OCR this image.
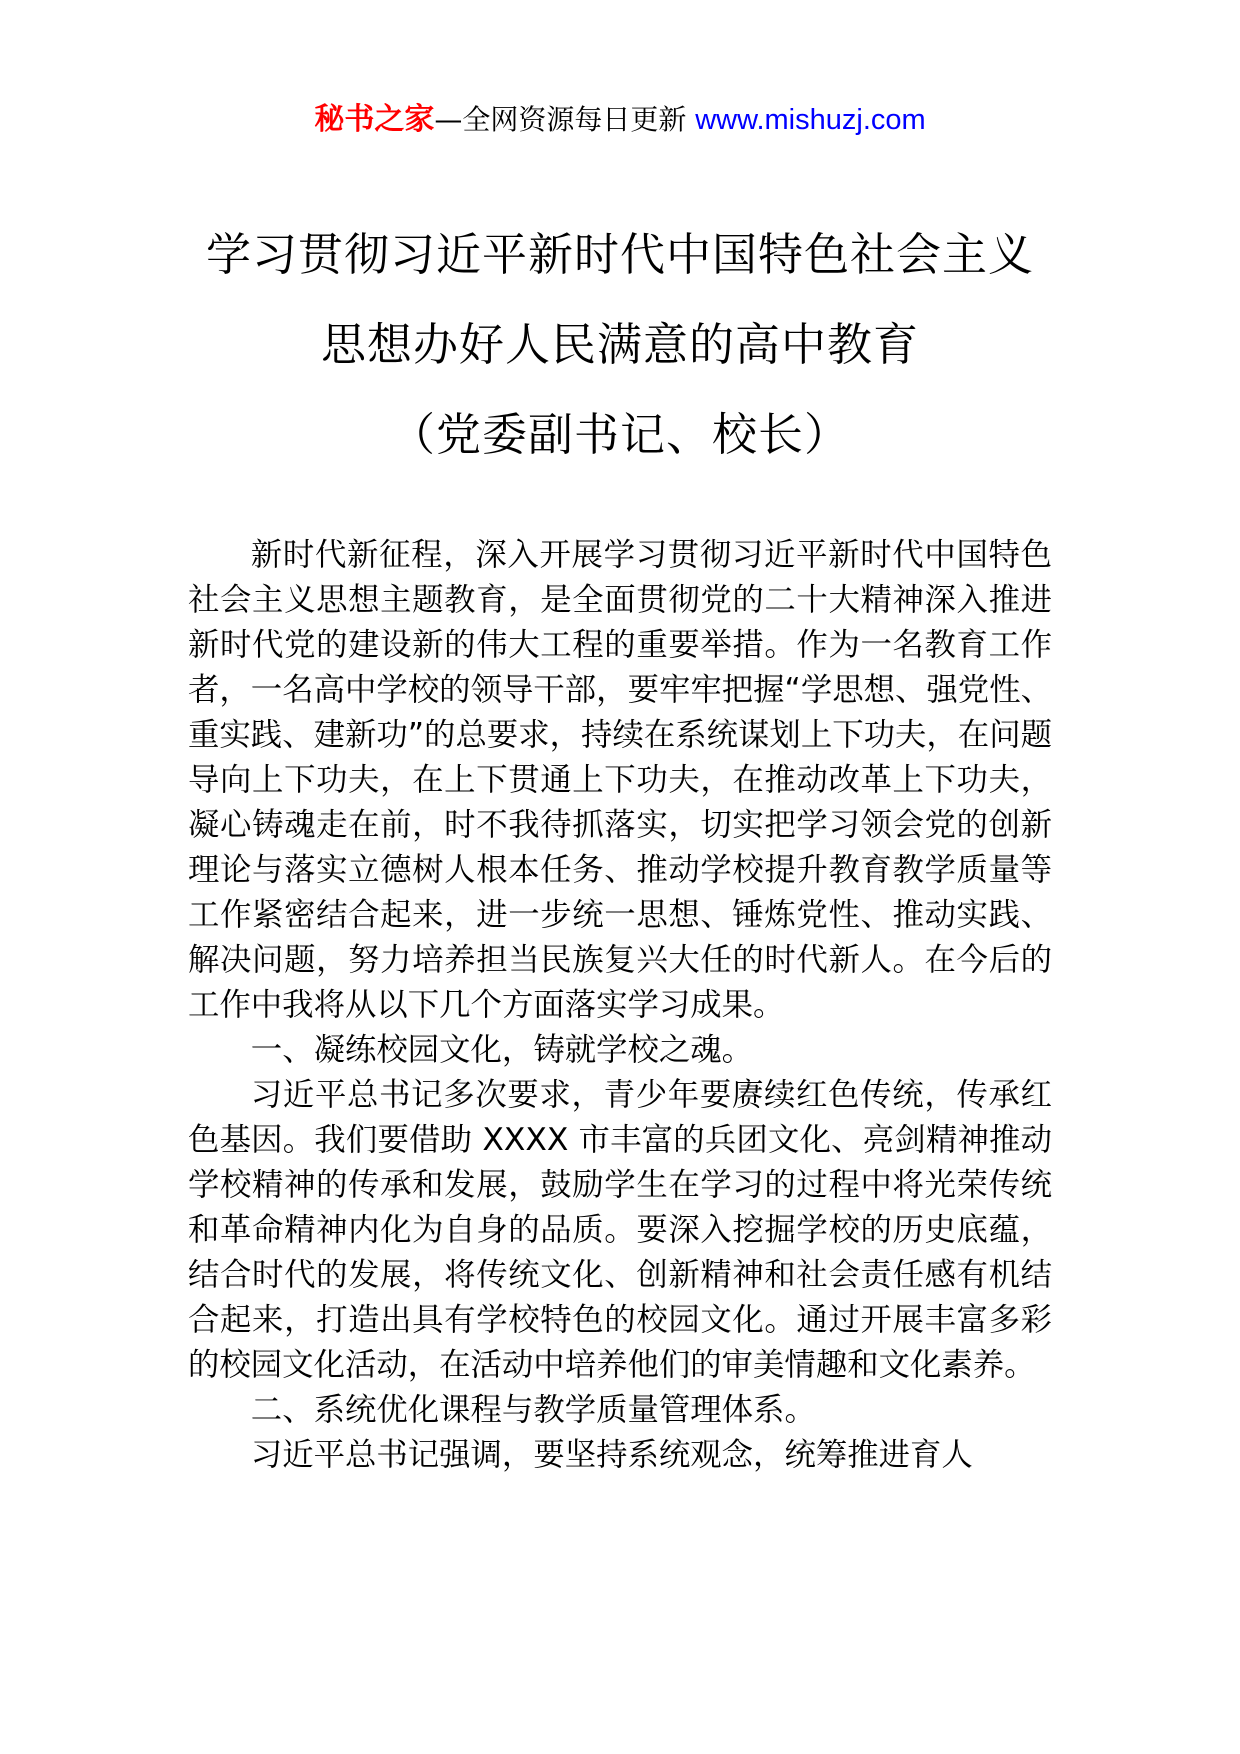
秘书之家—全网资源每日更新 www.mishuzj.com
学习贯彻习近平新时代中国特色社会主义
思想办好人民满意的高中教育
（党委副书记、校长）

新时代新征程，深入开展学习贯彻习近平新时代中国特色社会主义思想主题教育，是全面贯彻党的二十大精神深入推进新时代党的建设新的伟大工程的重要举措。作为一名教育工作者，一名高中学校的领导干部，要牢牢把握“学思想、强党性、重实践、建新功”的总要求，持续在系统谋划上下功夫，在问题导向上下功夫，在上下贯通上下功夫，在推动改革上下功夫，凝心铸魂走在前，时不我待抓落实，切实把学习领会党的创新理论与落实立德树人根本任务、推动学校提升教育教学质量等工作紧密结合起来，进一步统一思想、锤炼党性、推动实践、解决问题，努力培养担当民族复兴大任的时代新人。在今后的工作中我将从以下几个方面落实学习成果。

一、凝练校园文化，铸就学校之魂。

习近平总书记多次要求，青少年要赓续红色传统，传承红色基因。我们要借助 XXXX 市丰富的兵团文化、亮剑精神推动学校精神的传承和发展，鼓励学生在学习的过程中将光荣传统和革命精神内化为自身的品质。要深入挖掘学校的历史底蕴，结合时代的发展，将传统文化、创新精神和社会责任感有机结合起来，打造出具有学校特色的校园文化。通过开展丰富多彩的校园文化活动，在活动中培养他们的审美情趣和文化素养。

二、系统优化课程与教学质量管理体系。

习近平总书记强调，要坚持系统观念，统筹推进育人
